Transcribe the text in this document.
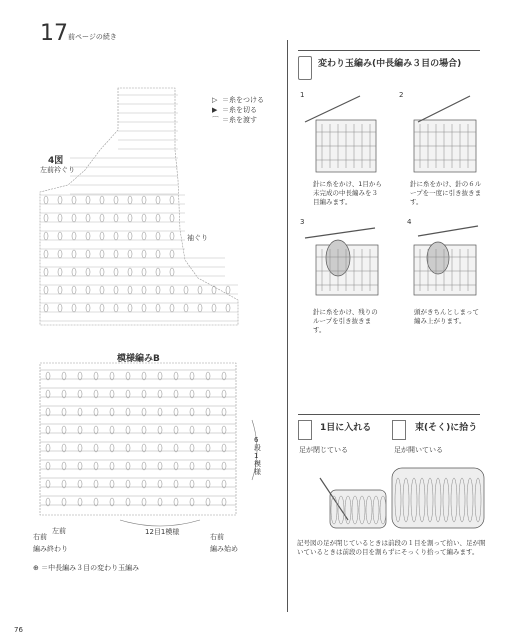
17 前ページの続き
▷ ＝糸をつける
▶ ＝糸を切る
⌒ ＝糸を渡す
4図
左前衿ぐり
袖ぐり
模様編みB
12目1模様
6段1模様
右前
左前
編み終わり
右前
編み始め
⊕ ＝中長編み３目の変わり玉編み
76
変わり玉編み(中長編み３目の場合)
1	2
3	4
針に糸をかけ、1目から未完成の中長編みを３目編みます。
針に糸をかけ、針の６ループを一度に引き抜きます。
針に糸をかけ、残りのループを引き抜きます。
頭がきちんとしまって編み上がります。
1目に入れる
足が閉じている
束(そく)に拾う
足が開いている
記号図の足が閉じているときは前段の１目を割って拾い、足が開いているときは前段の目を割らずにそっくり拾って編みます。
